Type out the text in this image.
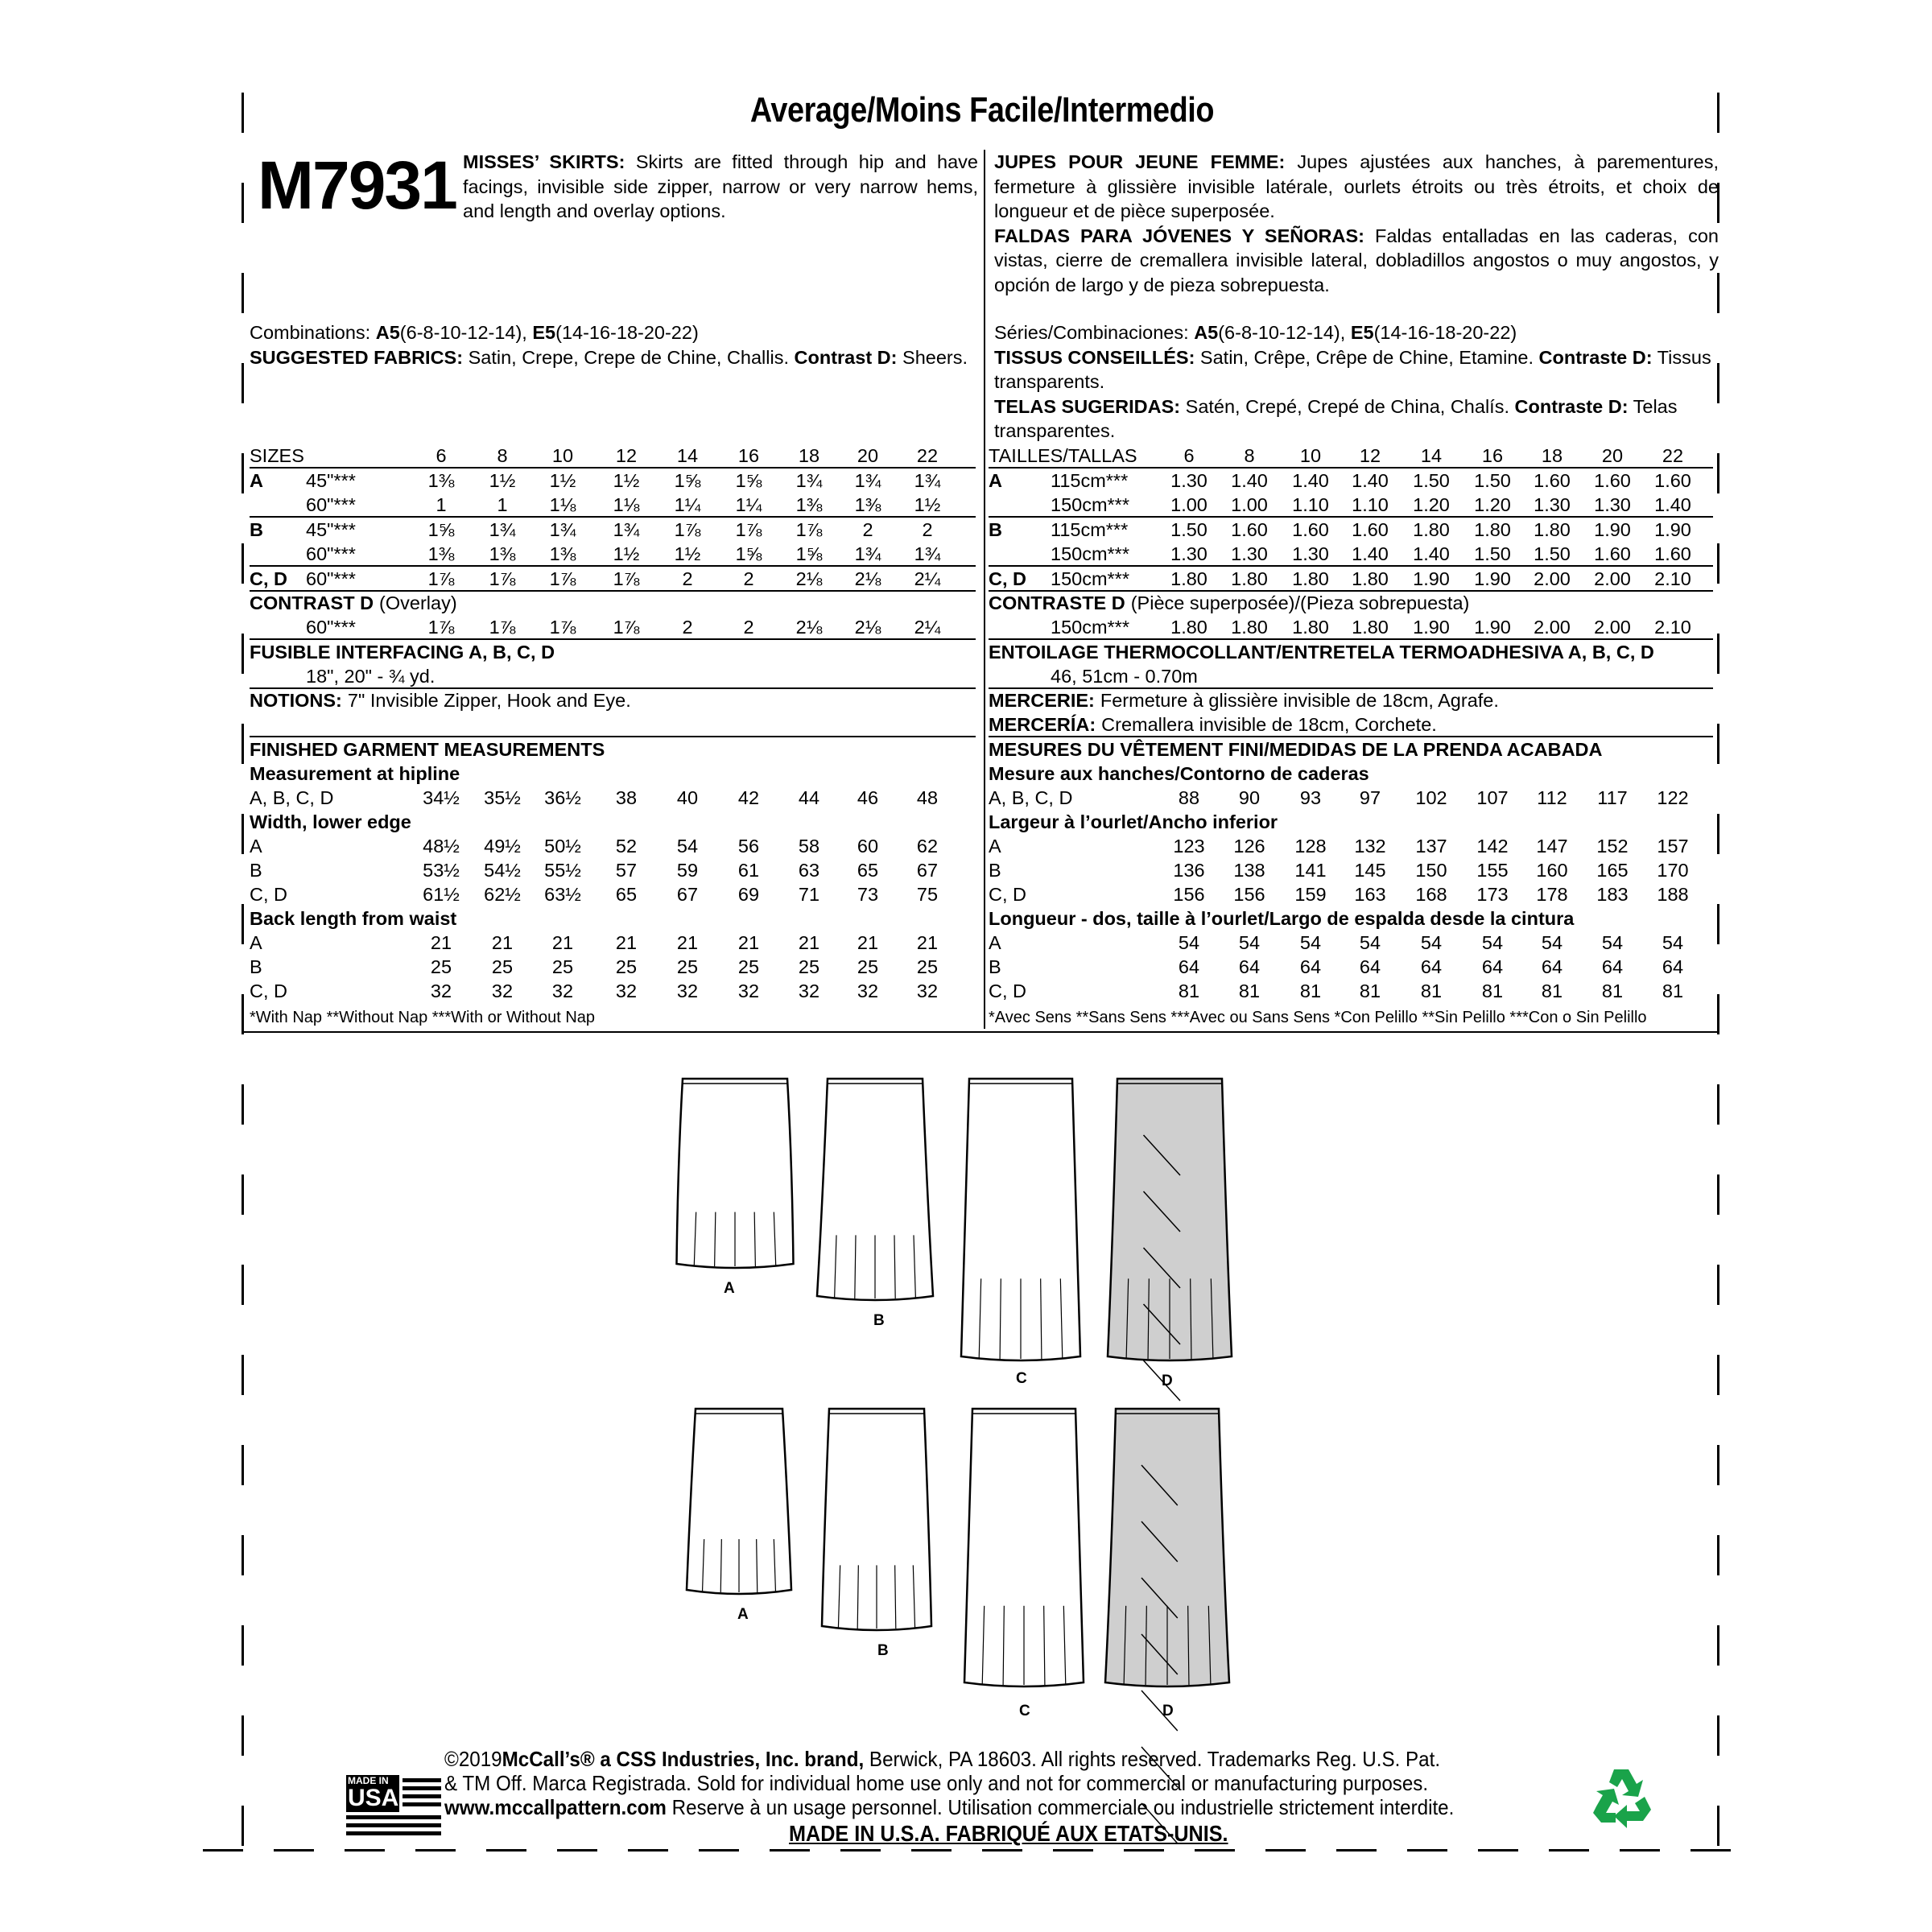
Average/Moins Facile/Intermedio
M7931 MISSES’ SKIRTS: Skirts are fitted through hip and have facings, invisible side zipper, narrow or very narrow hems, and length and overlay options.

JUPES POUR JEUNE FEMME: Jupes ajustées aux hanches, à parementures, fermeture à glissière invisible latérale, ourlets étroits ou très étroits, et choix de longueur et de pièce superposée.

FALDAS PARA JÓVENES Y SEÑORAS: Faldas entalladas en las caderas, con vistas, cierre de cremallera invisible lateral, dobladillos angostos o muy angostos, y opción de largo y de pieza sobrepuesta.

Combinations: A5(6-8-10-12-14), E5(14-16-18-20-22)

SUGGESTED FABRICS: Satin, Crepe, Crepe de Chine, Challis. Contrast D: Sheers.

Séries/Combinaciones: A5(6-8-10-12-14), E5(14-16-18-20-22)

TISSUS CONSEILLÉS: Satin, Crêpe, Crêpe de Chine, Etamine. Contraste D: Tissus transparents.

TELAS SUGERIDAS: Satén, Crepé, Crepé de China, Chalís. Contraste D: Telas transparentes.

SIZES	6	8	10	12	14	16	18	20	22
A 45"***	1⅜	1½	1½	1½	1⅝	1⅝	1¾	1¾	1¾
60"***	1	1	1⅛	1⅛	1¼	1¼	1⅜	1⅜	1½
B 45"***	1⅝	1¾	1¾	1¾	1⅞	1⅞	1⅞	2	2
60"***	1⅜	1⅜	1⅜	1½	1½	1⅝	1⅝	1¾	1¾
C, D 60"***	1⅞	1⅞	1⅞	1⅞	2	2	2⅛	2⅛	2¼
CONTRAST D (Overlay)
60"***	1⅞	1⅞	1⅞	1⅞	2	2	2⅛	2⅛	2¼
FUSIBLE INTERFACING A, B, C, D
18", 20" - ¾ yd.
TAILLES/TALLAS	6	8	10	12	14	16	18	20	22
A	115cm***	1.30	1.40	1.40	1.40	1.50	1.50	1.60	1.60	1.60
150cm***	1.00	1.00	1.10	1.10	1.20	1.20	1.30	1.30	1.40
B	115cm***	1.50	1.60	1.60	1.60	1.80	1.80	1.80	1.90	1.90
150cm***	1.30	1.30	1.30	1.40	1.40	1.50	1.50	1.60	1.60
C, D 150cm***	1.80	1.80	1.80	1.80	1.90	1.90	2.00	2.00	2.10
CONTRASTE D (Pièce superposée)/(Pieza sobrepuesta)
150cm***	1.80	1.80	1.80	1.80	1.90	1.90	2.00	2.00	2.10
ENTOILAGE THERMOCOLLANT/ENTRETELA TERMOADHESIVA A, B, C, D
46, 51cm - 0.70m
NOTIONS: 7" Invisible Zipper, Hook and Eye.	MERCERIE: Fermeture à glissière invisible de 18cm, Agrafe.
MERCERÍA: Cremallera invisible de 18cm, Corchete.
FINISHED GARMENT MEASUREMENTS
Measurement at hipline
A, B, C, D	34½	35½	36½	38	40	42	44	46	48
Width, lower edge
A	48½	49½	50½	52	54	56	58	60	62
B	53½	54½	55½	57	59	61	63	65	67
C, D	61½	62½	63½	65	67	69	71	73	75
Back length from waist
A	21	21	21	21	21	21	21	21	21
B	25	25	25	25	25	25	25	25	25
C, D	32	32	32	32	32	32	32	32	32
*With Nap **Without Nap ***With or Without Nap
MESURES DU VÊTEMENT FINI/MEDIDAS DE LA PRENDA ACABADA
Mesure aux hanches/Contorno de caderas
A, B, C, D	88	90	93	97	102	107	112	117	122
Largeur à l’ourlet/Ancho inferior
A	123	126	128	132	137	142	147	152	157
B	136	138	141	145	150	155	160	165	170
C, D	156	156	159	163	168	173	178	183	188
Longueur - dos, taille à l’ourlet/Largo de espalda desde la cintura
A	54	54	54	54	54	54	54	54	54
B	64	64	64	64	64	64	64	64	64
C, D	81	81	81	81	81	81	81	81	81
*Avec Sens **Sans Sens ***Avec ou Sans Sens *Con Pelillo **Sin Pelillo ***Con o Sin Pelillo
A
B
C	D
A
B
C	D
MADE IN
USA

©2019McCall’s® a CSS Industries, Inc. brand, Berwick, PA 18603. All rights reserved. Trademarks Reg. U.S. Pat.

& TM Off. Marca Registrada. Sold for individual home use only and not for commercial or manufacturing purposes.

www.mccallpattern.com Reserve à un usage personnel. Utilisation commerciale ou industrielle strictement interdite.

MADE IN U.S.A. FABRIQUÉ AUX ETATS-UNIS.
